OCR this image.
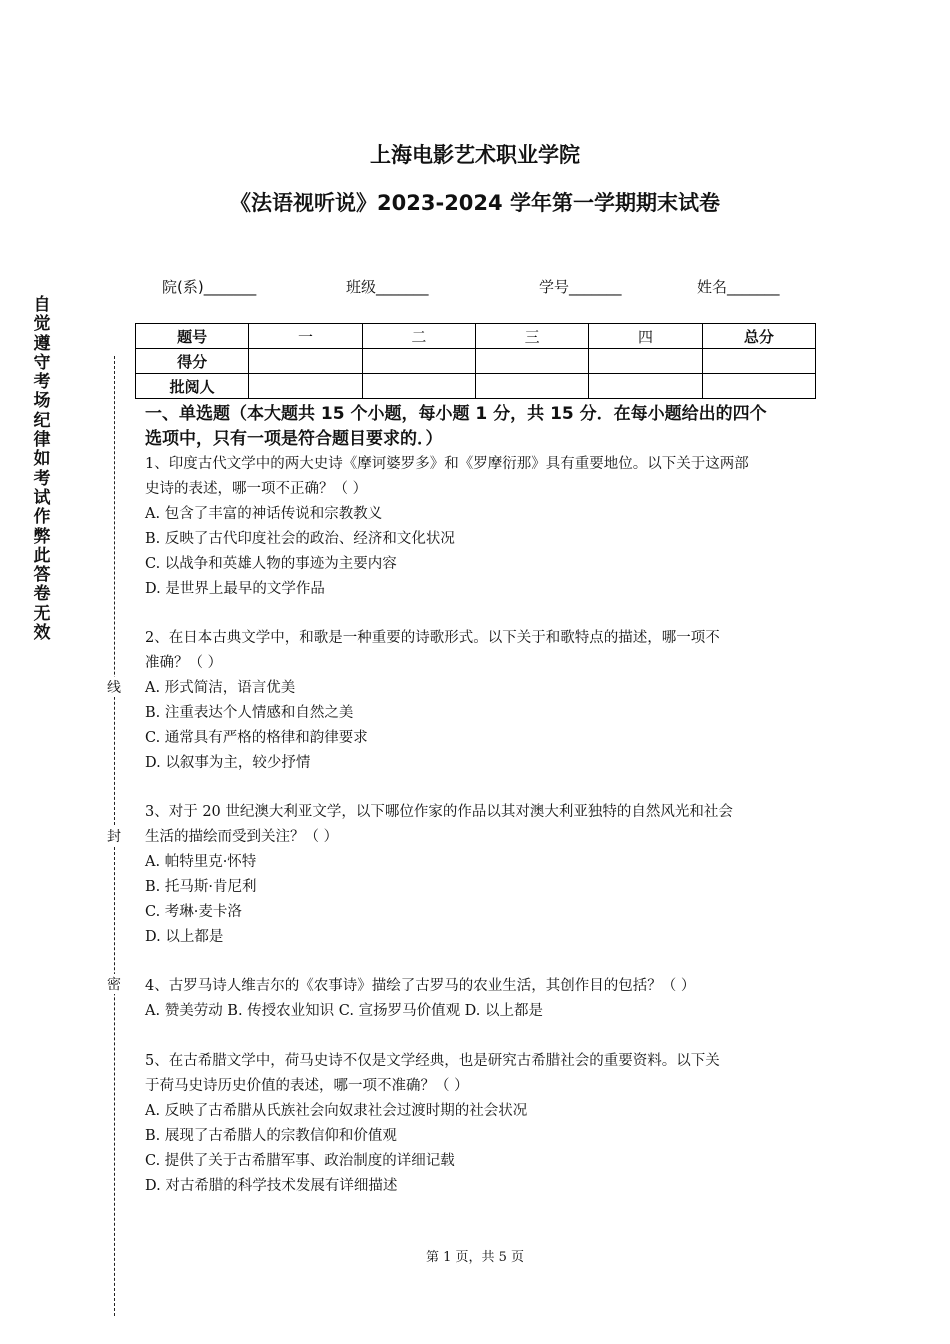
上海电影艺术职业学院
《法语视听说》2023-2024 学年第一学期期末试卷
院(系)_______	班级_______	学号_______	姓名_______
题号	一	二	三	四	总分
得分					
批阅人					
自觉遵守考场纪律如考试作弊此答卷无效
线
封
密
一、单选题（本大题共 15 个小题，每小题 1 分，共 15 分．在每小题给出的四个
选项中，只有一项是符合题目要求的．）
1、印度古代文学中的两大史诗《摩诃婆罗多》和《罗摩衍那》具有重要地位。以下关于这两部
史诗的表述，哪一项不正确？（ ）
A. 包含了丰富的神话传说和宗教教义
B. 反映了古代印度社会的政治、经济和文化状况
C. 以战争和英雄人物的事迹为主要内容
D. 是世界上最早的文学作品
2、在日本古典文学中，和歌是一种重要的诗歌形式。以下关于和歌特点的描述，哪一项不
准确？（ ）
A. 形式简洁，语言优美
B. 注重表达个人情感和自然之美
C. 通常具有严格的格律和韵律要求
D. 以叙事为主，较少抒情
3、对于 20 世纪澳大利亚文学，以下哪位作家的作品以其对澳大利亚独特的自然风光和社会
生活的描绘而受到关注？（ ）
A. 帕特里克·怀特
B. 托马斯·肯尼利
C. 考琳·麦卡洛
D. 以上都是
4、古罗马诗人维吉尔的《农事诗》描绘了古罗马的农业生活，其创作目的包括？（ ）
A. 赞美劳动 B. 传授农业知识 C. 宣扬罗马价值观 D. 以上都是
5、在古希腊文学中，荷马史诗不仅是文学经典，也是研究古希腊社会的重要资料。以下关
于荷马史诗历史价值的表述，哪一项不准确？（ ）
A. 反映了古希腊从氏族社会向奴隶社会过渡时期的社会状况
B. 展现了古希腊人的宗教信仰和价值观
C. 提供了关于古希腊军事、政治制度的详细记载
D. 对古希腊的科学技术发展有详细描述
第 1 页，共 5 页
